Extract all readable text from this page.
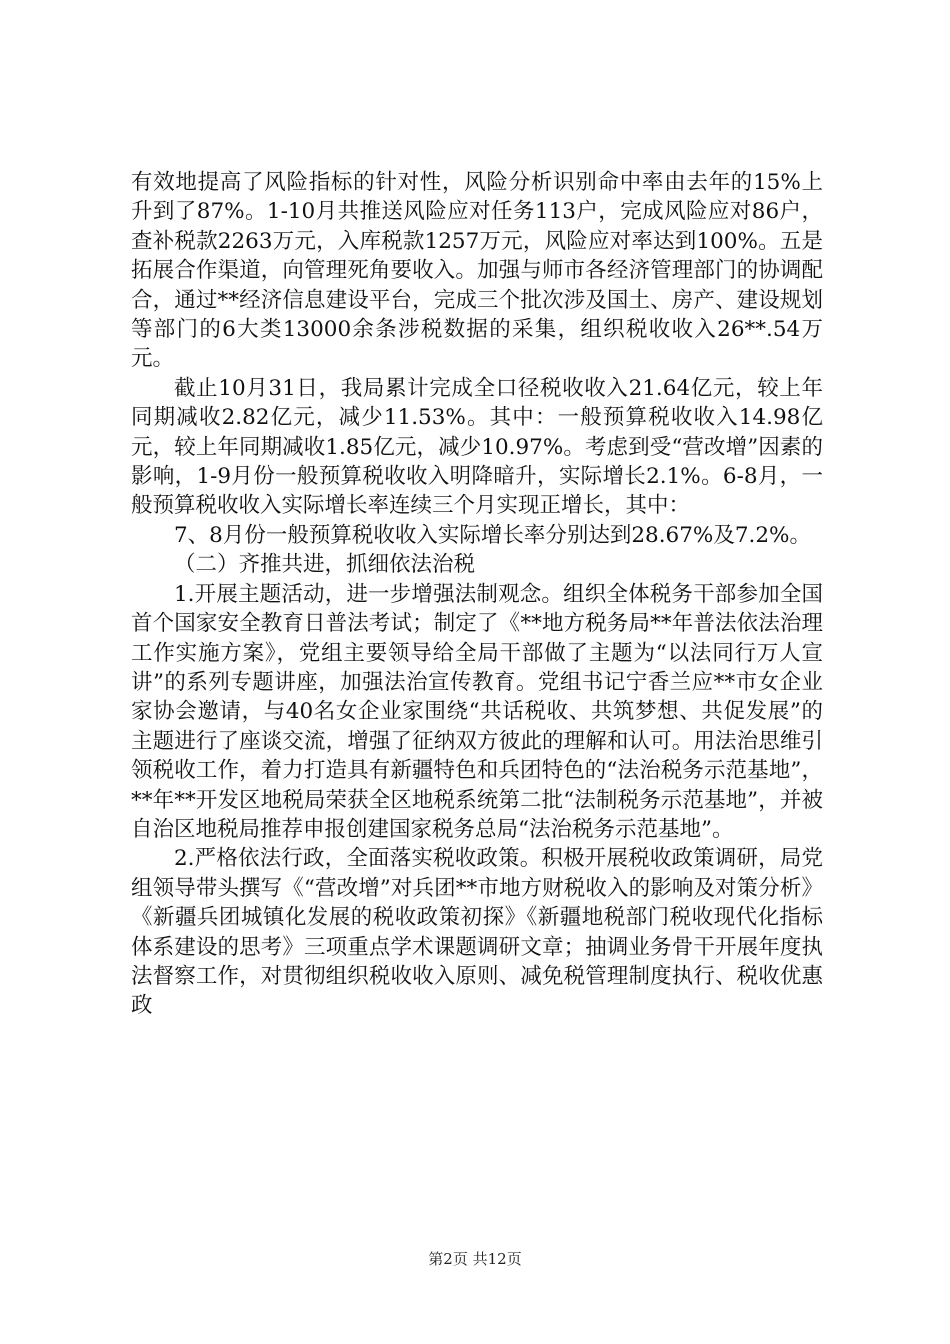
有效地提高了风险指标的针对性，风险分析识别命中率由去年的15%上升到了87%。1-10月共推送风险应对任务113户，完成风险应对86户，查补税款2263万元，入库税款1257万元，风险应对率达到100%。五是拓展合作渠道，向管理死角要收入。加强与师市各经济管理部门的协调配合，通过**经济信息建设平台，完成三个批次涉及国土、房产、建设规划等部门的6大类13000余条涉税数据的采集，组织税收收入26**.54万元。

截止10月31日，我局累计完成全口径税收收入21.64亿元，较上年同期减收2.82亿元，减少11.53%。其中：一般预算税收收入14.98亿元，较上年同期减收1.85亿元，减少10.97%。考虑到受“营改增”因素的影响，1-9月份一般预算税收收入明降暗升，实际增长2.1%。6-8月，一般预算税收收入实际增长率连续三个月实现正增长，其中：

7、8月份一般预算税收收入实际增长率分别达到28.67%及7.2%。

（二）齐推共进，抓细依法治税

1.开展主题活动，进一步增强法制观念。组织全体税务干部参加全国首个国家安全教育日普法考试；制定了《**地方税务局**年普法依法治理工作实施方案》，党组主要领导给全局干部做了主题为“以法同行万人宣讲”的系列专题讲座，加强法治宣传教育。党组书记宁香兰应**市女企业家协会邀请，与40名女企业家围绕“共话税收、共筑梦想、共促发展”的主题进行了座谈交流，增强了征纳双方彼此的理解和认可。用法治思维引领税收工作，着力打造具有新疆特色和兵团特色的“法治税务示范基地”，**年**开发区地税局荣获全区地税系统第二批“法制税务示范基地”，并被自治区地税局推荐申报创建国家税务总局“法治税务示范基地”。

2.严格依法行政，全面落实税收政策。积极开展税收政策调研，局党组领导带头撰写《“营改增”对兵团**市地方财税收入的影响及对策分析》《新疆兵团城镇化发展的税收政策初探》《新疆地税部门税收现代化指标体系建设的思考》三项重点学术课题调研文章；抽调业务骨干开展年度执法督察工作，对贯彻组织税收收入原则、减免税管理制度执行、税收优惠政

第2页 共12页
